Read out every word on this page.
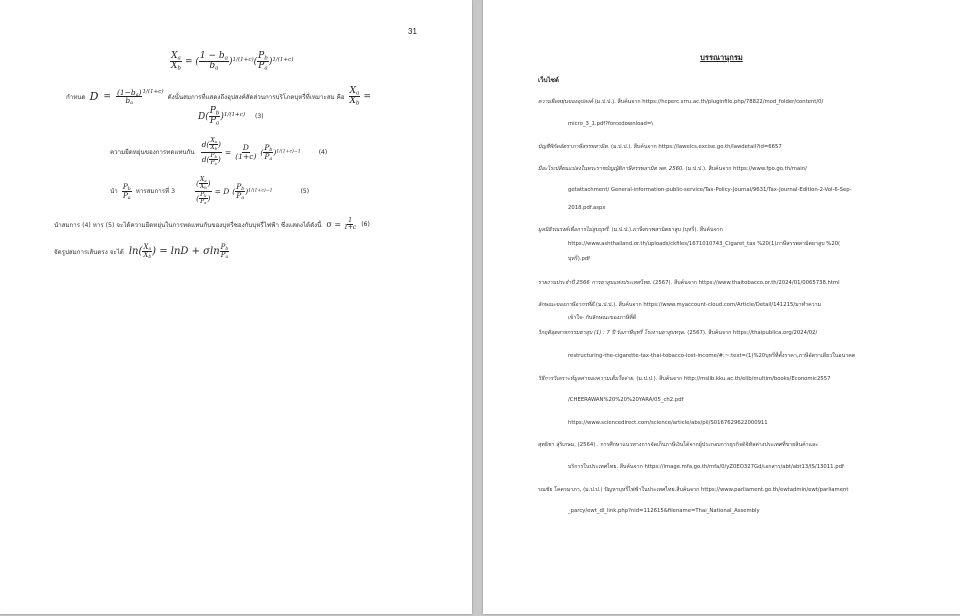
31
$\frac{X_a}{X_b}$ = ( $\frac{1 - b_a}{b_a} )^{1/(1+c)}( \frac{P_b}{P_a} )^{1/(1+c)}$
กำหนด $D = \frac{(1-b_a)}{b_a} ^{1/(1+c)}$
ดังนั้นสมการที่แสดงถึงอุปสงค์สัดส่วนการบริโภคบุหรี่ที่เหมาะสม คือ $\frac{X_a}{X_b}$ =
$D( \frac{P_b}{P_a} )^{1/(1+c)}$ (3)
ความยืดหยุ่นของการทดแทนกัน $\frac{d( \frac{X_a}{X_b} )}{d( \frac{P_b}{P_a} )} = \frac{D}{(1+c)}$ ( $\frac{P_b}{P_a} )^{1/(1+c)-1}$	(4)
นำ $\frac{P_b}{P_a}$ หารสมการที่ 3	$\frac{( \frac{X_a}{X_b} )}{( \frac{P_b}{P_a} )} = D$ ( $\frac{P_b}{P_a} )^{1/(1+c)-1}$	(5)
นำสมการ (4) หาร (5) จะได้ความยืดหยุ่นในการทดแทนกันของบุหรี่ซองกับบุหรี่ไฟฟ้า ซึ่งแสดงได้ดังนี้ $\sigma = \frac{1}{1+c} (6)$
จัดรูปสมการเส้นตรง จะได้ $\ln( \frac{X_a}{X_b}$ ) = lnD + σln $\frac{P_b}{P_a}$
บรรณานุกรม
เว็บไซต์
ความยืดหยุ่นของอุปสงค์ (ม.ป.ป.). สืบค้นจาก https://hcperc.srru.ac.th/pluginfile.php/78822/mod_folder/content/0/
micro_3_1.pdf?forcedownload=\
บัญชีพิกัดอัตราภาษีสรรพสามิต. (ม.ป.ป.). สืบค้นจาก https://lawelcs.excise.go.th/lawdetail?id=6657
มีอะไรเปลี่ยนแปลงในพระราชบัญญัติภาษีสรรพสามิต พศ. 2560. (ม.ป.ป.). สืบค้นจาก https://www.fpo.go.th/main/
getattachment/ General-information-public-service/Tax-Policy-Journal/9631/Tax-Journal-Edition-2-Vol-6-Sep-
2018.pdf.aspx
มูลนิธิรณรงค์เพื่อการไม่สูบบุหรี่. (ม.ป.ป.).ภาษีสรรพสามิตยาสูบ (บุหรี่). สืบค้นจาก
https://www.ashthailand.or.th/uploads/ckfiles/1671010743_Cigaret_tax %20(1)ภาษีสรรพสามิตยาสูบ %20(
บุหรี่).pdf
รายงานประจำปี 2566 การยาสูบแห่งประเทศไทย. (2567). สืบค้นจาก https://www.thaitobacco.or.th/2024/01/0065738.html
ลักษณะของภาษีอากรที่ดี.(ม.ป.ป.). สืบค้นจาก https://www.myaccount-cloud.com/Article/Detail/141215/มาทำความ
เข้าใจ- กับลักษณะของภาษีที่ดี
วิกฤติอุตสาหกรรมยาสูบ (1) : 7 ปี ร้อภาษีบุหรี่ โรงงานยาสูบทรุด. (2567). สืบค้นจาก https://thaipublica.org/2024/02/
restructuring-the-cigarette-tax-thai-tobacco-lost-income/#:~:text=(1)%20บุหรี่ที่ตั้งราคา,ภาษีอัตราเดียวในอนาคต
วิธีการวิเคราะห์มูลค่าของความเต็มใจจ่าย. (ม.ป.ป.). สืบค้นจาก http://mslib.kku.ac.th/elib/multim/books/Economic2557
/CHEERAWAN%20%20%20YARA/05_ch2.pdf
https://www.sciencedirect.com/science/article/abs/pii/S0167629622000911
สุทธิชา สุริเกษม, (2564) . การศึกษาแนวทางการจัดเก็บภาษีเงินได้จากผู้ประกอบการธุรกิจดิจิทัลต่างประเทศที่ขายสินค้าและ
บริการในประเทศไทย. สืบค้นจาก https://image.mfa.go.th/mfa/0/yZ0EO327Gd/เอกสาร/abt/abt13/IS/13011.pdf
รณชัย โคตรมาภา, (ม.ป.ป.) ปัญหาบุหรี่ไฟฟ้าในประเทศไทย.สืบค้นจาก https://www.parliament.go.th/ewtadmin/ewt/parliament
_parcy/ewt_dl_link.php?nid=112615&filename=Thai_National_Assembly
